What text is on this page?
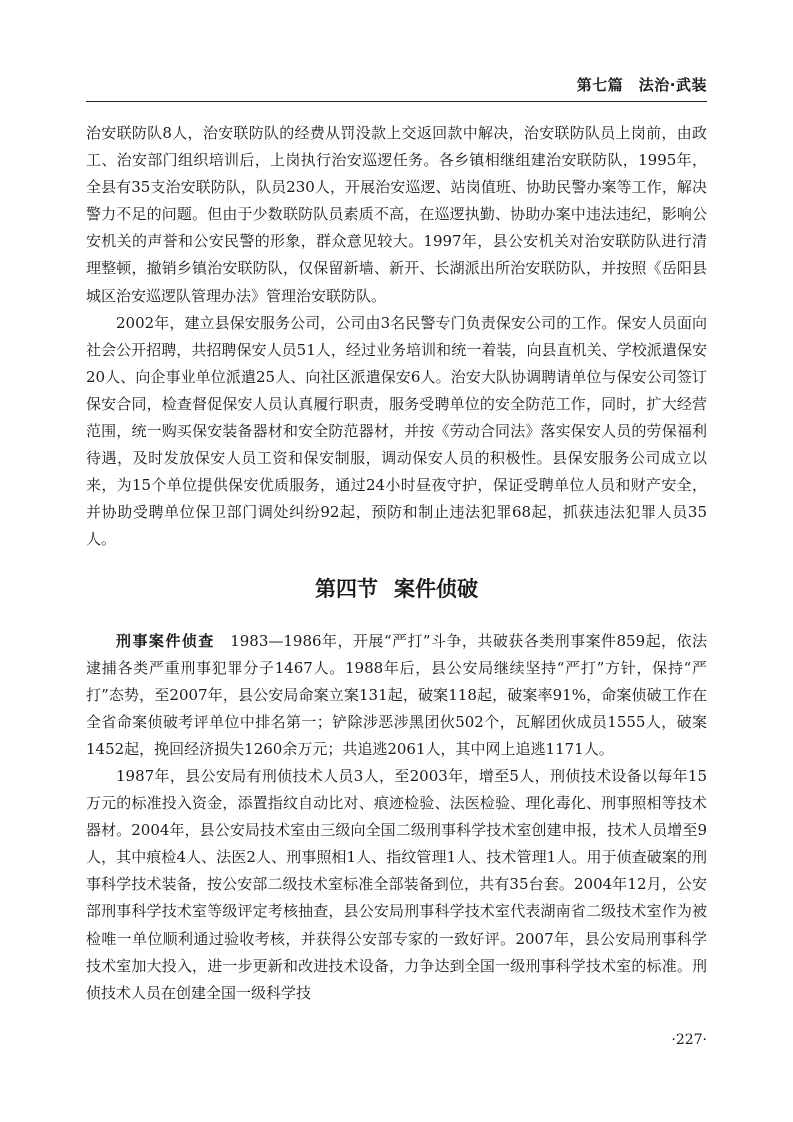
第七篇　法治·武装

治安联防队8人，治安联防队的经费从罚没款上交返回款中解决，治安联防队员上岗前，由政工、治安部门组织培训后，上岗执行治安巡逻任务。各乡镇相继组建治安联防队，1995年，全县有35支治安联防队，队员230人，开展治安巡逻、站岗值班、协助民警办案等工作，解决警力不足的问题。但由于少数联防队员素质不高，在巡逻执勤、协助办案中违法违纪，影响公安机关的声誉和公安民警的形象，群众意见较大。1997年，县公安机关对治安联防队进行清理整顿，撤销乡镇治安联防队，仅保留新墙、新开、长湖派出所治安联防队，并按照《岳阳县城区治安巡逻队管理办法》管理治安联防队。

2002年，建立县保安服务公司，公司由3名民警专门负责保安公司的工作。保安人员面向社会公开招聘，共招聘保安人员51人，经过业务培训和统一着装，向县直机关、学校派遣保安20人、向企事业单位派遣25人、向社区派遣保安6人。治安大队协调聘请单位与保安公司签订保安合同，检查督促保安人员认真履行职责，服务受聘单位的安全防范工作，同时，扩大经营范围，统一购买保安装备器材和安全防范器材，并按《劳动合同法》落实保安人员的劳保福利待遇，及时发放保安人员工资和保安制服，调动保安人员的积极性。县保安服务公司成立以来，为15个单位提供保安优质服务，通过24小时昼夜守护，保证受聘单位人员和财产安全，并协助受聘单位保卫部门调处纠纷92起，预防和制止违法犯罪68起，抓获违法犯罪人员35人。

第四节 案件侦破

刑事案件侦查　 1983—1986年，开展“严打”斗争，共破获各类刑事案件859起，依法逮捕各类严重刑事犯罪分子1467人。1988年后，县公安局继续坚持“严打”方针，保持“严打”态势，至2007年，县公安局命案立案131起，破案118起，破案率91%，命案侦破工作在全省命案侦破考评单位中排名第一；铲除涉恶涉黑团伙502个，瓦解团伙成员1555人，破案1452起，挽回经济损失1260余万元；共追逃2061人，其中网上追逃1171人。

1987年，县公安局有刑侦技术人员3人，至2003年，增至5人，刑侦技术设备以每年15万元的标准投入资金，添置指纹自动比对、痕迹检验、法医检验、理化毒化、刑事照相等技术器材。2004年，县公安局技术室由三级向全国二级刑事科学技术室创建申报，技术人员增至9人，其中痕检4人、法医2人、刑事照相1人、指纹管理1人、技术管理1人。用于侦查破案的刑事科学技术装备，按公安部二级技术室标准全部装备到位，共有35台套。2004年12月，公安部刑事科学技术室等级评定考核抽查，县公安局刑事科学技术室代表湖南省二级技术室作为被检唯一单位顺利通过验收考核，并获得公安部专家的一致好评。2007年，县公安局刑事科学技术室加大投入，进一步更新和改进技术设备，力争达到全国一级刑事科学技术室的标准。刑侦技术人员在创建全国一级科学技

·227·
